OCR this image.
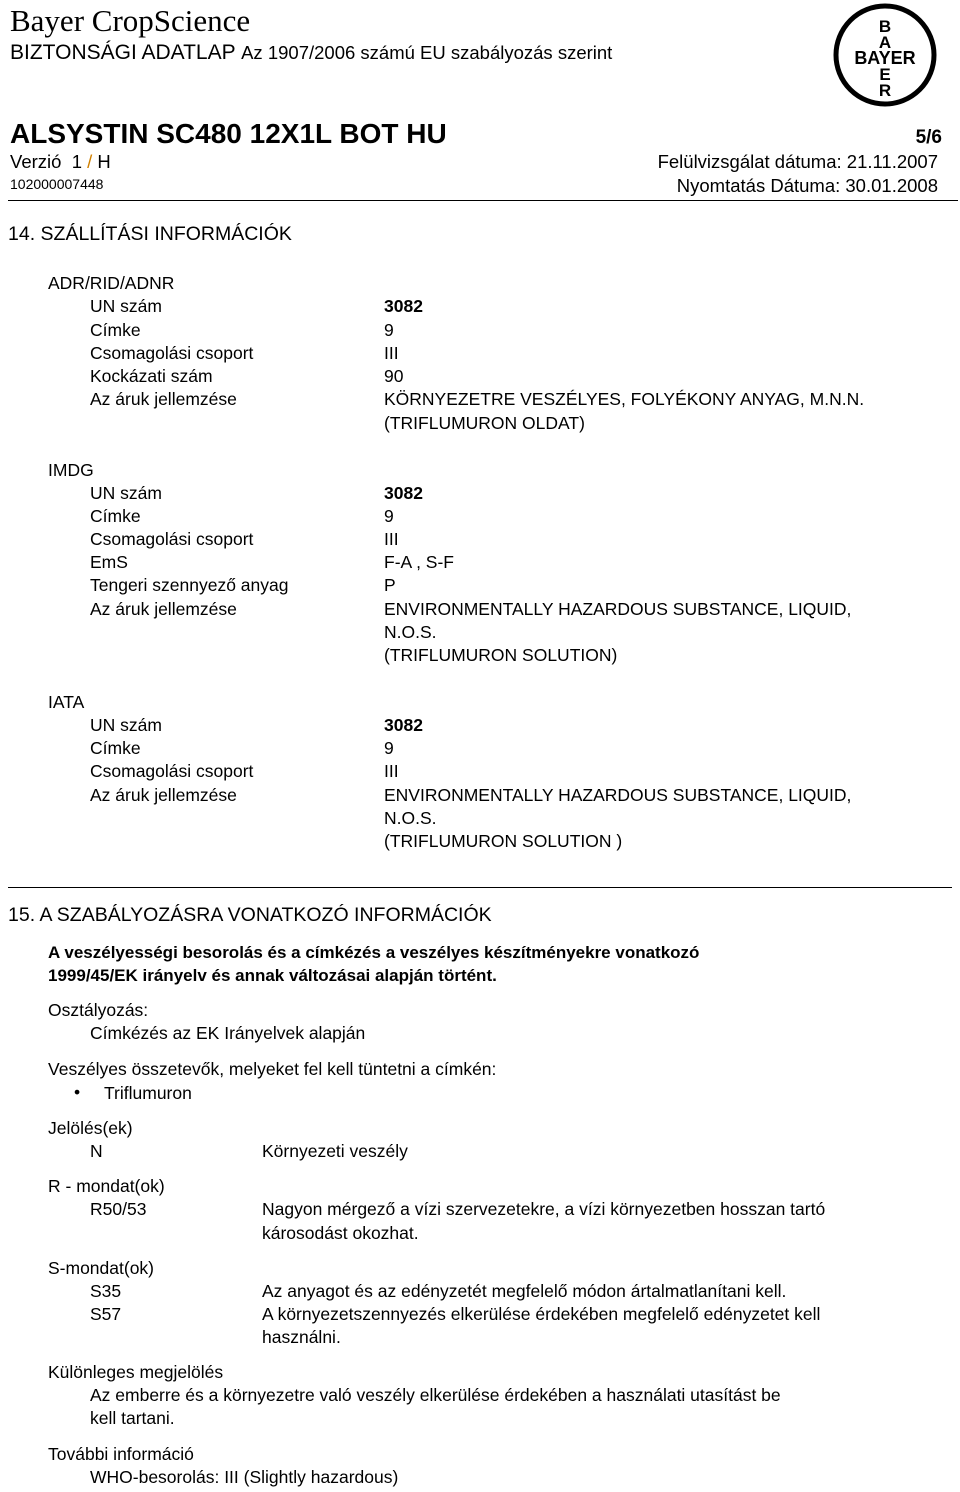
Bayer CropScience
BIZTONSÁGI ADATLAP Az 1907/2006 számú EU szabályozás szerint
B
A
BAYER
E
R
ALSYSTIN SC480 12X1L BOT HU	5/6
Verzió 1 / H	Felülvizsgálat dátuma: 21.11.2007
102000007448	Nyomtatás Dátuma: 30.01.2008
14. SZÁLLÍTÁSI INFORMÁCIÓK
ADR/RID/ADNR
UN szám	3082
Címke	9
Csomagolási csoport	III
Kockázati szám	90
Az áruk jellemzése	KÖRNYEZETRE VESZÉLYES, FOLYÉKONY ANYAG, M.N.N.
(TRIFLUMURON OLDAT)
IMDG
UN szám	3082
Címke	9
Csomagolási csoport	III
EmS	F-A , S-F
Tengeri szennyező anyag	P
Az áruk jellemzése	ENVIRONMENTALLY HAZARDOUS SUBSTANCE, LIQUID,
N.O.S.
(TRIFLUMURON SOLUTION)
IATA
UN szám	3082
Címke	9
Csomagolási csoport	III
Az áruk jellemzése	ENVIRONMENTALLY HAZARDOUS SUBSTANCE, LIQUID,
N.O.S.
(TRIFLUMURON SOLUTION )
15. A SZABÁLYOZÁSRA VONATKOZÓ INFORMÁCIÓK
A veszélyességi besorolás és a címkézés a veszélyes készítményekre vonatkozó
1999/45/EK irányelv és annak változásai alapján történt.
Osztályozás:
Címkézés az EK Irányelvek alapján
Veszélyes összetevők, melyeket fel kell tüntetni a címkén:
• Triflumuron
Jelölés(ek)
N	Környezeti veszély
R - mondat(ok)
R50/53	Nagyon mérgező a vízi szervezetekre, a vízi környezetben hosszan tartó
károsodást okozhat.
S-mondat(ok)
S35	Az anyagot és az edényzetét megfelelő módon ártalmatlanítani kell.
S57	A környezetszennyezés elkerülése érdekében megfelelő edényzetet kell
használni.
Különleges megjelölés
Az emberre és a környezetre való veszély elkerülése érdekében a használati utasítást be
kell tartani.
További információ
WHO-besorolás: III (Slightly hazardous)
